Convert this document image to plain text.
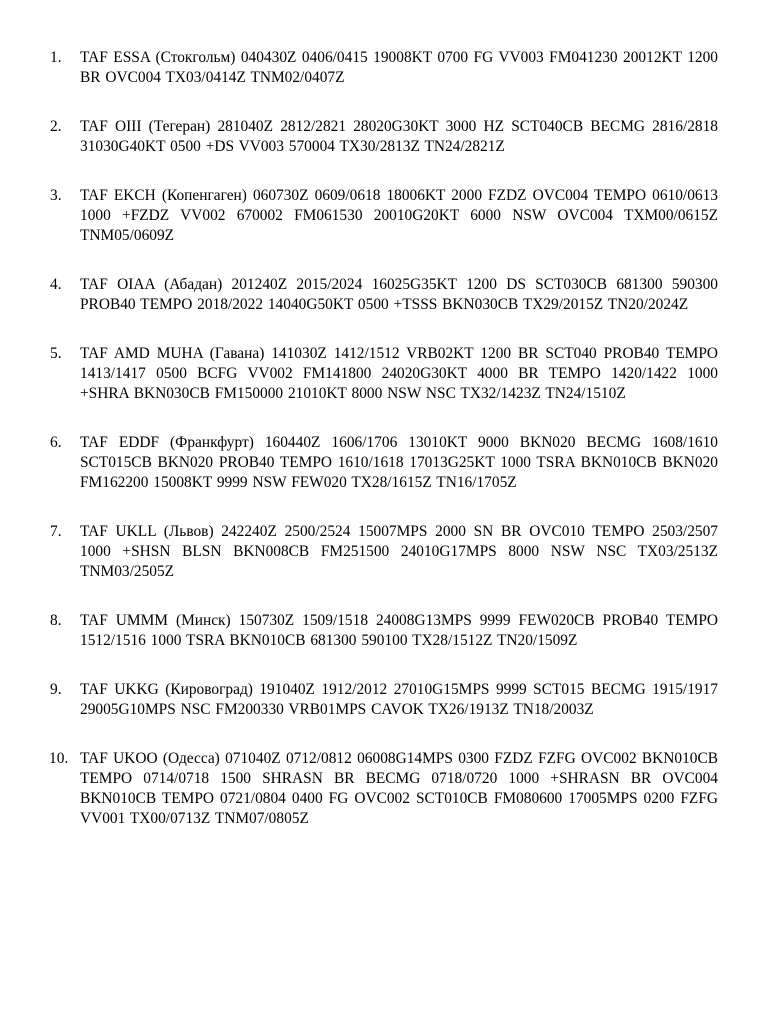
1.	TAF ESSA (Стокгольм) 040430Z 0406/0415 19008KT 0700 FG VV003 FM041230 20012KT 1200 BR OVC004 TX03/0414Z TNM02/0407Z
2.	TAF OIII (Тегеран) 281040Z 2812/2821 28020G30KT 3000 HZ SCT040CB BECMG 2816/2818 31030G40KT 0500 +DS VV003 570004 TX30/2813Z TN24/2821Z
3.	TAF EKCH (Копенгаген) 060730Z 0609/0618 18006KT 2000 FZDZ OVC004 TEMPO 0610/0613 1000 +FZDZ VV002 670002 FM061530 20010G20KT 6000 NSW OVC004 TXM00/0615Z TNM05/0609Z
4.	TAF OIAA (Абадан) 201240Z 2015/2024 16025G35KT 1200 DS SCT030CB 681300 590300 PROB40 TEMPO 2018/2022 14040G50KT 0500 +TSSS BKN030CB TX29/2015Z TN20/2024Z
5.	TAF AMD MUHA (Гавана) 141030Z 1412/1512 VRB02KT 1200 BR SCT040 PROB40 TEMPO 1413/1417 0500 BCFG VV002 FM141800 24020G30KT 4000 BR TEMPO 1420/1422 1000 +SHRA BKN030CB FM150000 21010KT 8000 NSW NSC TX32/1423Z TN24/1510Z
6.	TAF EDDF (Франкфурт) 160440Z 1606/1706 13010KT 9000 BKN020 BECMG 1608/1610 SCT015CB BKN020 PROB40 TEMPO 1610/1618 17013G25KT 1000 TSRA BKN010CB BKN020 FM162200 15008KT 9999 NSW FEW020 TX28/1615Z TN16/1705Z
7.	TAF UKLL (Львов) 242240Z 2500/2524 15007MPS 2000 SN BR OVC010 TEMPO 2503/2507 1000 +SHSN BLSN BKN008CB FM251500 24010G17MPS 8000 NSW NSC TX03/2513Z TNM03/2505Z
8.	TAF UMMM (Минск) 150730Z 1509/1518 24008G13MPS 9999 FEW020CB PROB40 TEMPO 1512/1516 1000 TSRA BKN010CB 681300 590100 TX28/1512Z TN20/1509Z
9.	TAF UKKG (Кировоград) 191040Z 1912/2012 27010G15MPS 9999 SCT015 BECMG 1915/1917 29005G10MPS NSC FM200330 VRB01MPS CAVOK TX26/1913Z TN18/2003Z
10. TAF UKOO (Одесса) 071040Z 0712/0812 06008G14MPS 0300 FZDZ FZFG OVC002 BKN010CB TEMPO 0714/0718 1500 SHRASN BR BECMG 0718/0720 1000 +SHRASN BR OVC004 BKN010CB TEMPO 0721/0804 0400 FG OVC002 SCT010CB FM080600 17005MPS 0200 FZFG VV001 TX00/0713Z TNM07/0805Z
